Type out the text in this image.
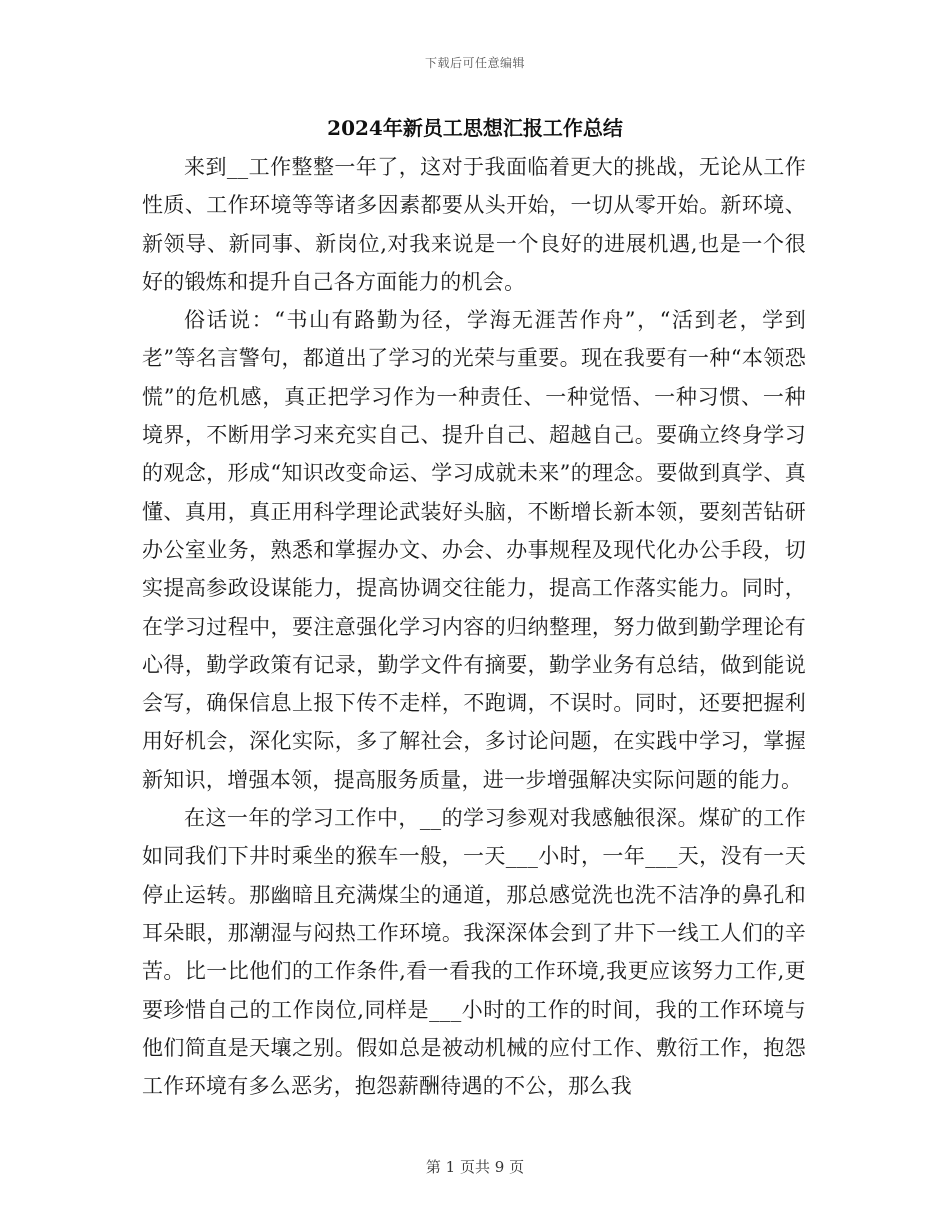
下载后可任意编辑
2024年新员工思想汇报工作总结

来到__工作整整一年了，这对于我面临着更大的挑战，无论从工作性质、工作环境等等诸多因素都要从头开始，一切从零开始。新环境、新领导、新同事、新岗位,对我来说是一个良好的进展机遇,也是一个很好的锻炼和提升自己各方面能力的机会。

俗话说：“书山有路勤为径，学海无涯苦作舟”，“活到老，学到老”等名言警句，都道出了学习的光荣与重要。现在我要有一种“本领恐慌”的危机感，真正把学习作为一种责任、一种觉悟、一种习惯、一种境界，不断用学习来充实自己、提升自己、超越自己。要确立终身学习的观念，形成“知识改变命运、学习成就未来”的理念。要做到真学、真懂、真用，真正用科学理论武装好头脑，不断增长新本领，要刻苦钻研办公室业务，熟悉和掌握办文、办会、办事规程及现代化办公手段，切实提高参政设谋能力，提高协调交往能力，提高工作落实能力。同时，在学习过程中，要注意强化学习内容的归纳整理，努力做到勤学理论有心得，勤学政策有记录，勤学文件有摘要，勤学业务有总结，做到能说会写，确保信息上报下传不走样，不跑调，不误时。同时，还要把握利用好机会，深化实际，多了解社会，多讨论问题，在实践中学习，掌握新知识，增强本领，提高服务质量，进一步增强解决实际问题的能力。

在这一年的学习工作中，__的学习参观对我感触很深。煤矿的工作如同我们下井时乘坐的猴车一般，一天___小时，一年___天，没有一天停止运转。那幽暗且充满煤尘的通道，那总感觉洗也洗不洁净的鼻孔和耳朵眼，那潮湿与闷热工作环境。我深深体会到了井下一线工人们的辛苦。比一比他们的工作条件,看一看我的工作环境,我更应该努力工作,更要珍惜自己的工作岗位,同样是___小时的工作的时间，我的工作环境与他们简直是天壤之别。假如总是被动机械的应付工作、敷衍工作，抱怨工作环境有多么恶劣，抱怨薪酬待遇的不公，那么我

第 1 页共 9 页
